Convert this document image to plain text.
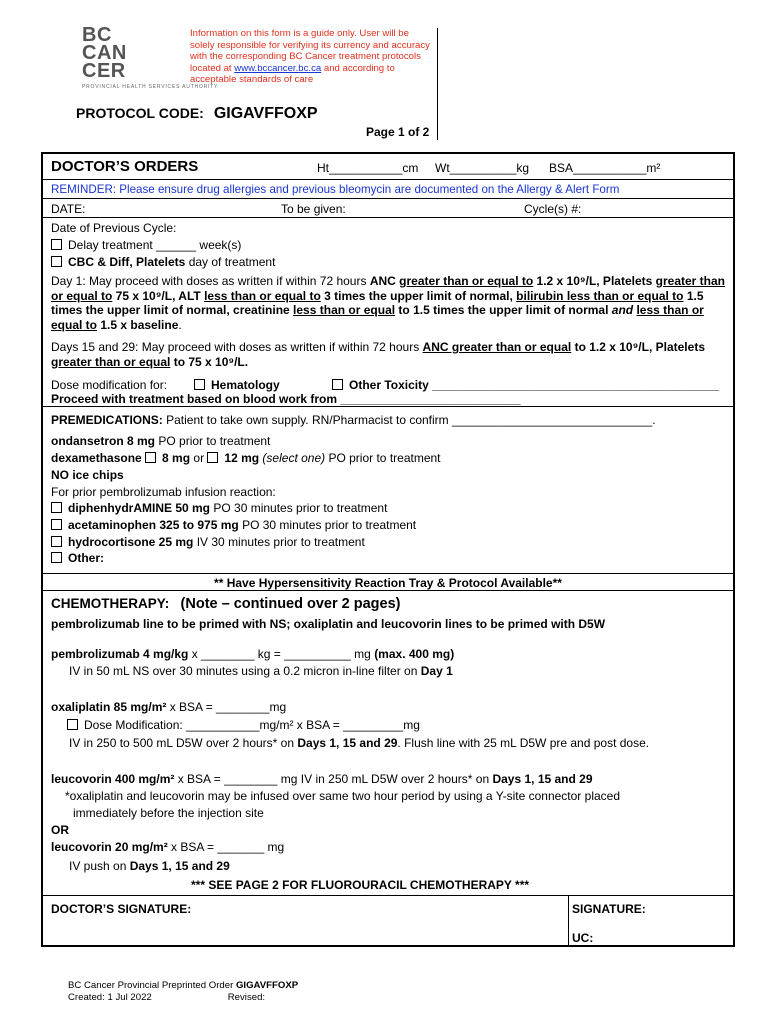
BC
CAN
CER
PROVINCIAL HEALTH SERVICES AUTHORITY
Information on this form is a guide only. User will be solely responsible for verifying its currency and accuracy with the corresponding BC Cancer treatment protocols located at www.bccancer.bc.ca and according to acceptable standards of care
PROTOCOL CODE: GIGAVFFOXP
Page 1 of 2
DOCTOR’S ORDERS	Ht___________cm Wt__________kg BSA___________m²
REMINDER: Please ensure drug allergies and previous bleomycin are documented on the Allergy & Alert Form
DATE:	To be given:	Cycle(s) #:
Date of Previous Cycle:
Delay treatment ______ week(s)
CBC & Diff, Platelets day of treatment
Day 1: May proceed with doses as written if within 72 hours ANC greater than or equal to 1.2 x 10⁹/L, Platelets greater than or equal to 75 x 10⁹/L, ALT less than or equal to 3 times the upper limit of normal, bilirubin less than or equal to 1.5 times the upper limit of normal, creatinine less than or equal to 1.5 times the upper limit of normal and less than or equal to 1.5 x baseline.
Days 15 and 29: May proceed with doses as written if within 72 hours ANC greater than or equal to 1.2 x 10⁹/L, Platelets greater than or equal to 75 x 10⁹/L.
Dose modification for:	Hematology	Other Toxicity ___________________________________________
Proceed with treatment based on blood work from ___________________________
PREMEDICATIONS: Patient to take own supply. RN/Pharmacist to confirm ______________________________.
ondansetron 8 mg PO prior to treatment
dexamethasone 8 mg or 12 mg (select one) PO prior to treatment
NO ice chips
For prior pembrolizumab infusion reaction:
diphenhydrAMINE 50 mg PO 30 minutes prior to treatment
acetaminophen 325 to 975 mg PO 30 minutes prior to treatment
hydrocortisone 25 mg IV 30 minutes prior to treatment
Other:
** Have Hypersensitivity Reaction Tray & Protocol Available**
CHEMOTHERAPY: (Note – continued over 2 pages)
pembrolizumab line to be primed with NS; oxaliplatin and leucovorin lines to be primed with D5W
pembrolizumab 4 mg/kg x ________ kg = __________ mg (max. 400 mg)
IV in 50 mL NS over 30 minutes using a 0.2 micron in-line filter on Day 1
oxaliplatin 85 mg/m² x BSA = ________mg
Dose Modification: ___________mg/m² x BSA = _________mg
IV in 250 to 500 mL D5W over 2 hours* on Days 1, 15 and 29. Flush line with 25 mL D5W pre and post dose.
leucovorin 400 mg/m² x BSA = ________ mg IV in 250 mL D5W over 2 hours* on Days 1, 15 and 29
*oxaliplatin and leucovorin may be infused over same two hour period by using a Y-site connector placed
immediately before the injection site
OR
leucovorin 20 mg/m² x BSA = _______ mg
IV push on Days 1, 15 and 29
*** SEE PAGE 2 FOR FLUOROURACIL CHEMOTHERAPY ***
DOCTOR’S SIGNATURE:	SIGNATURE:
UC:
BC Cancer Provincial Preprinted Order GIGAVFFOXP
Created: 1 Jul 2022	Revised:
